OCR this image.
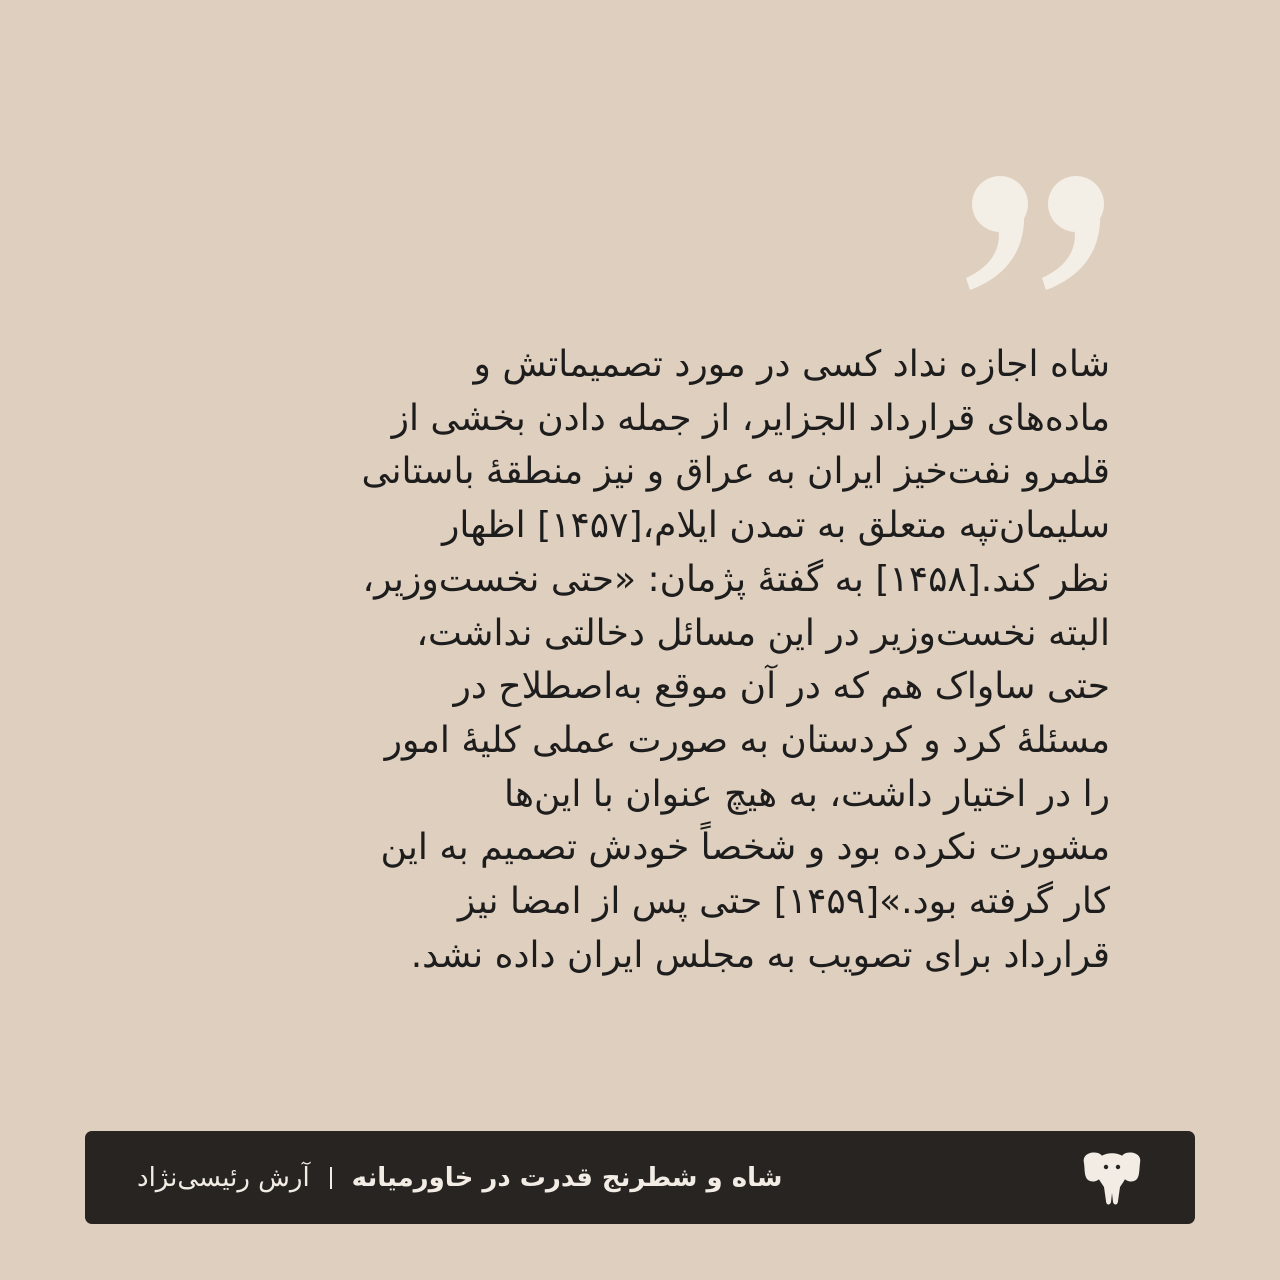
شاه اجازه نداد کسی در مورد تصمیماتش و
ماده‌های قرارداد الجزایر، از جمله دادن بخشی از
قلمرو نفت‌خیز ایران به عراق و نیز منطقهٔ باستانی
سلیمان‌تپه متعلق به تمدن ایلام،[۱۴۵۷] اظهار
نظر کند.[۱۴۵۸] به گفتهٔ پژمان: «حتی نخست‌وزیر،
البته نخست‌وزیر در این مسائل دخالتی نداشت،
حتی ساواک هم که در آن موقع به‌اصطلاح در
مسئلهٔ کرد و کردستان به صورت عملی کلیهٔ امور
را در اختیار داشت، به هیچ عنوان با این‌ها
مشورت نکرده بود و شخصاً خودش تصمیم به این
کار گرفته بود.»[۱۴۵۹] حتی پس از امضا نیز
قرارداد برای تصویب به مجلس ایران داده نشد.

شاه و شطرنج قدرت در خاورمیانه
آرش رئیسی‌نژاد
